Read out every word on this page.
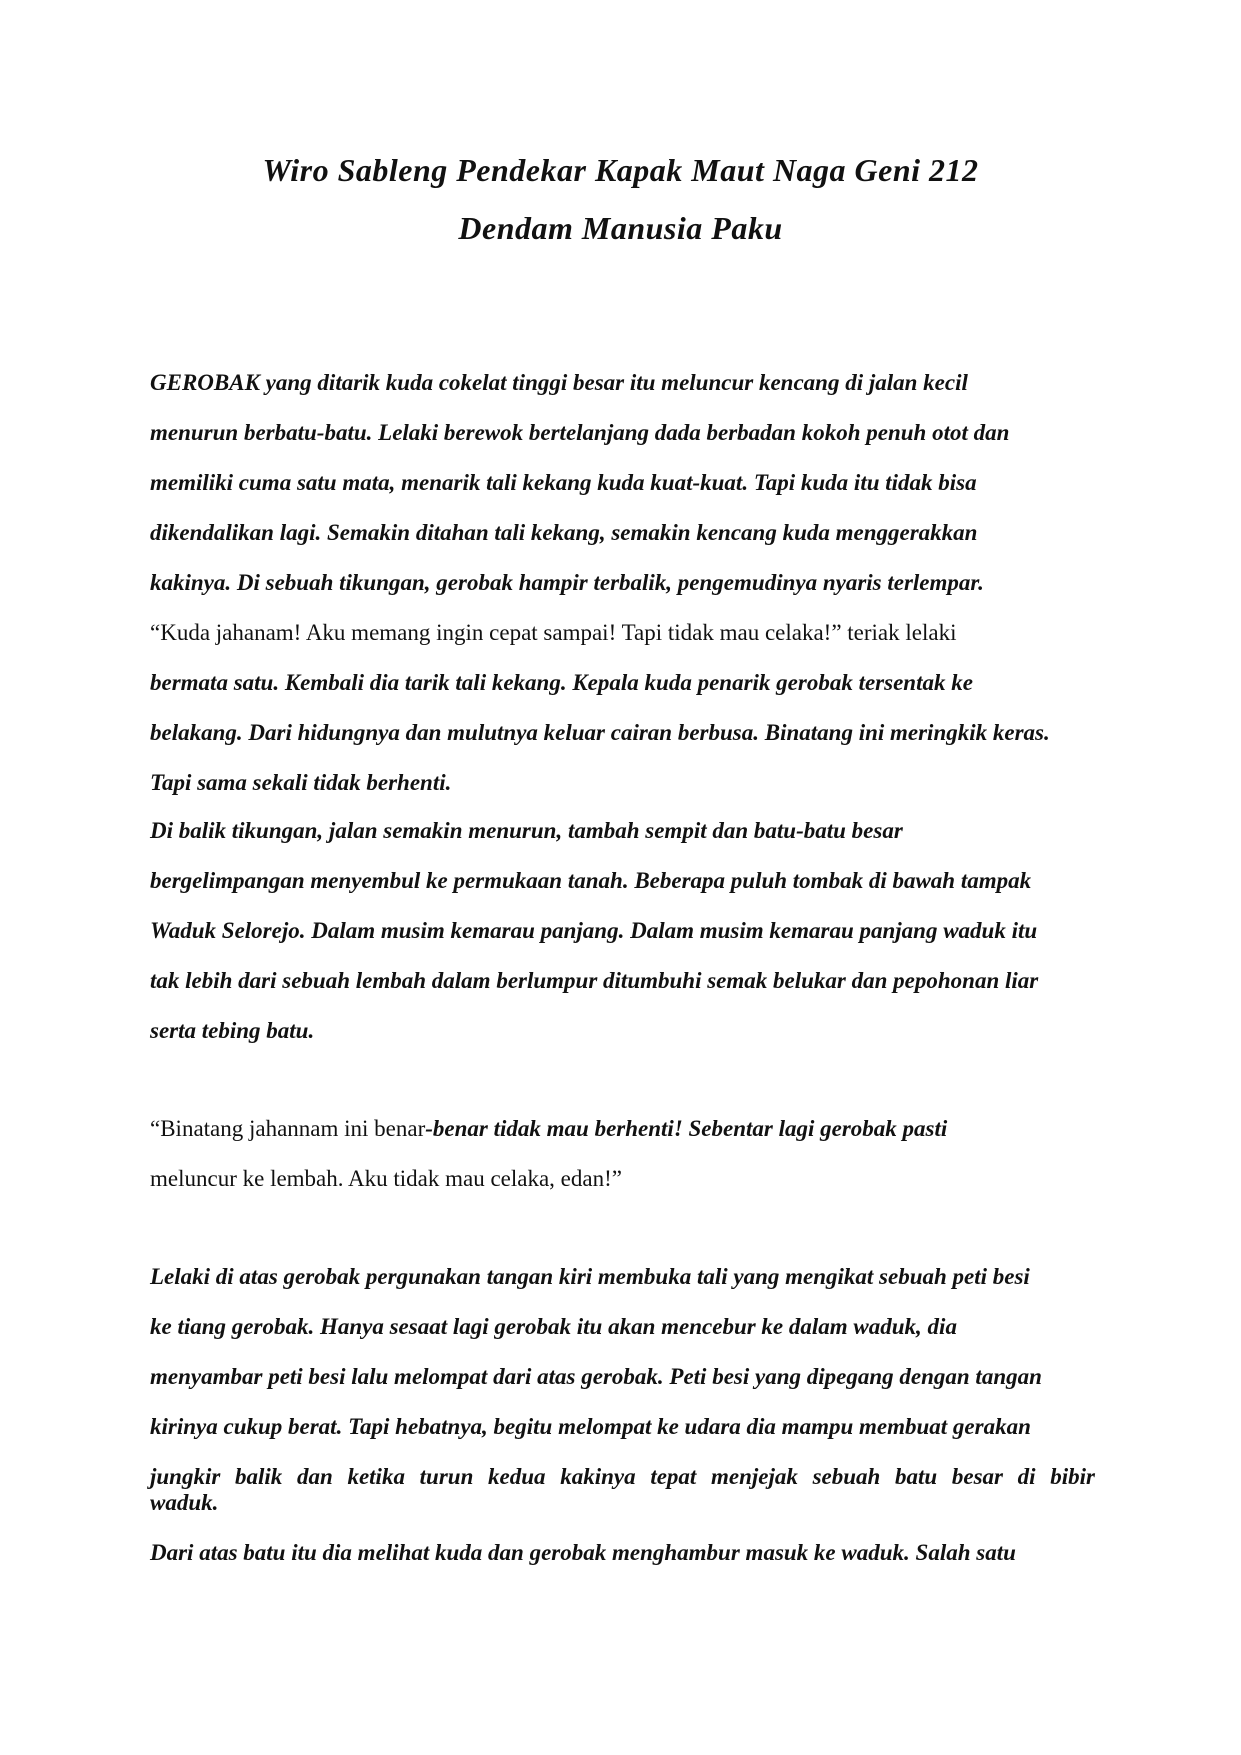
Wiro Sableng Pendekar Kapak Maut Naga Geni 212
Dendam Manusia Paku
GEROBAK yang ditarik kuda cokelat tinggi besar itu meluncur kencang di jalan kecil
menurun berbatu-batu. Lelaki berewok bertelanjang dada berbadan kokoh penuh otot dan
memiliki cuma satu mata, menarik tali kekang kuda kuat-kuat. Tapi kuda itu tidak bisa
dikendalikan lagi. Semakin ditahan tali kekang, semakin kencang kuda menggerakkan
kakinya. Di sebuah tikungan, gerobak hampir terbalik, pengemudinya nyaris terlempar.
“Kuda jahanam! Aku memang ingin cepat sampai! Tapi tidak mau celaka!” teriak lelaki
bermata satu. Kembali dia tarik tali kekang. Kepala kuda penarik gerobak tersentak ke
belakang. Dari hidungnya dan mulutnya keluar cairan berbusa. Binatang ini meringkik keras.
Tapi sama sekali tidak berhenti.
Di balik tikungan, jalan semakin menurun, tambah sempit dan batu-batu besar
bergelimpangan menyembul ke permukaan tanah. Beberapa puluh tombak di bawah tampak
Waduk Selorejo. Dalam musim kemarau panjang. Dalam musim kemarau panjang waduk itu
tak lebih dari sebuah lembah dalam berlumpur ditumbuhi semak belukar dan pepohonan liar
serta tebing batu.
“Binatang jahannam ini benar-benar tidak mau berhenti! Sebentar lagi gerobak pasti
meluncur ke lembah. Aku tidak mau celaka, edan!”
Lelaki di atas gerobak pergunakan tangan kiri membuka tali yang mengikat sebuah peti besi
ke tiang gerobak. Hanya sesaat lagi gerobak itu akan mencebur ke dalam waduk, dia
menyambar peti besi lalu melompat dari atas gerobak. Peti besi yang dipegang dengan tangan
kirinya cukup berat. Tapi hebatnya, begitu melompat ke udara dia mampu membuat gerakan
jungkir balik dan ketika turun kedua kakinya tepat menjejak sebuah batu besar di bibir
waduk.
Dari atas batu itu dia melihat kuda dan gerobak menghambur masuk ke waduk. Salah satu
